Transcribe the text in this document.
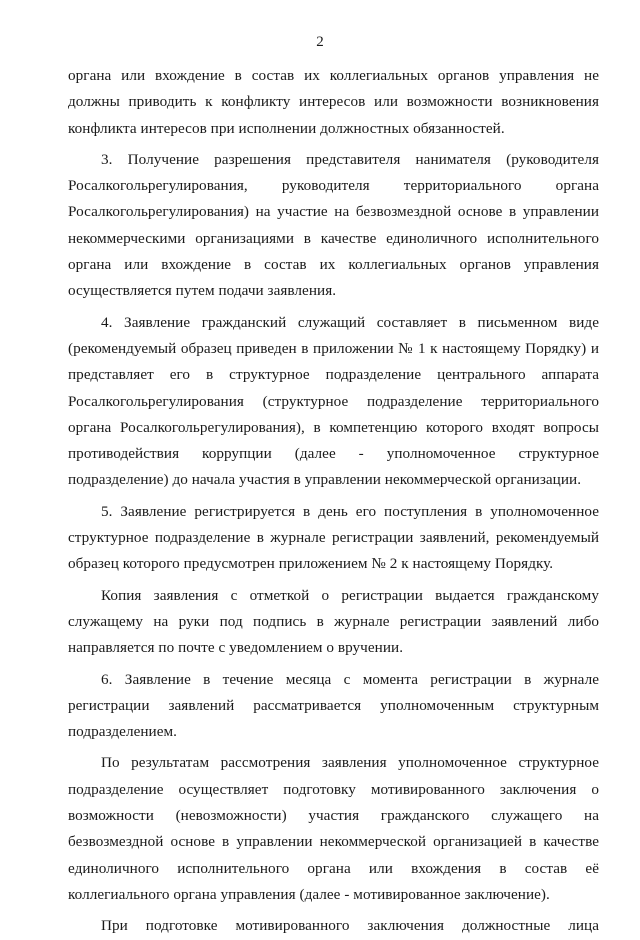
2

органа или вхождение в состав их коллегиальных органов управления не должны приводить к конфликту интересов или возможности возникновения конфликта интересов при исполнении должностных обязанностей.

3. Получение разрешения представителя нанимателя (руководителя Росалкогольрегулирования, руководителя территориального органа Росалкогольрегулирования) на участие на безвозмездной основе в управлении некоммерческими организациями в качестве единоличного исполнительного органа или вхождение в состав их коллегиальных органов управления осуществляется путем подачи заявления.

4. Заявление гражданский служащий составляет в письменном виде (рекомендуемый образец приведен в приложении № 1 к настоящему Порядку) и представляет его в структурное подразделение центрального аппарата Росалкогольрегулирования (структурное подразделение территориального органа Росалкогольрегулирования), в компетенцию которого входят вопросы противодействия коррупции (далее - уполномоченное структурное подразделение) до начала участия в управлении некоммерческой организации.

5. Заявление регистрируется в день его поступления в уполномоченное структурное подразделение в журнале регистрации заявлений, рекомендуемый образец которого предусмотрен приложением № 2 к настоящему Порядку.

Копия заявления с отметкой о регистрации выдается гражданскому служащему на руки под подпись в журнале регистрации заявлений либо направляется по почте с уведомлением о вручении.

6. Заявление в течение месяца с момента регистрации в журнале регистрации заявлений рассматривается уполномоченным структурным подразделением.

По результатам рассмотрения заявления уполномоченное структурное подразделение осуществляет подготовку мотивированного заключения о возможности (невозможности) участия гражданского служащего на безвозмездной основе в управлении некоммерческой организацией в качестве единоличного исполнительного органа или вхождения в состав её коллегиального органа управления (далее - мотивированное заключение).

При подготовке мотивированного заключения должностные лица
